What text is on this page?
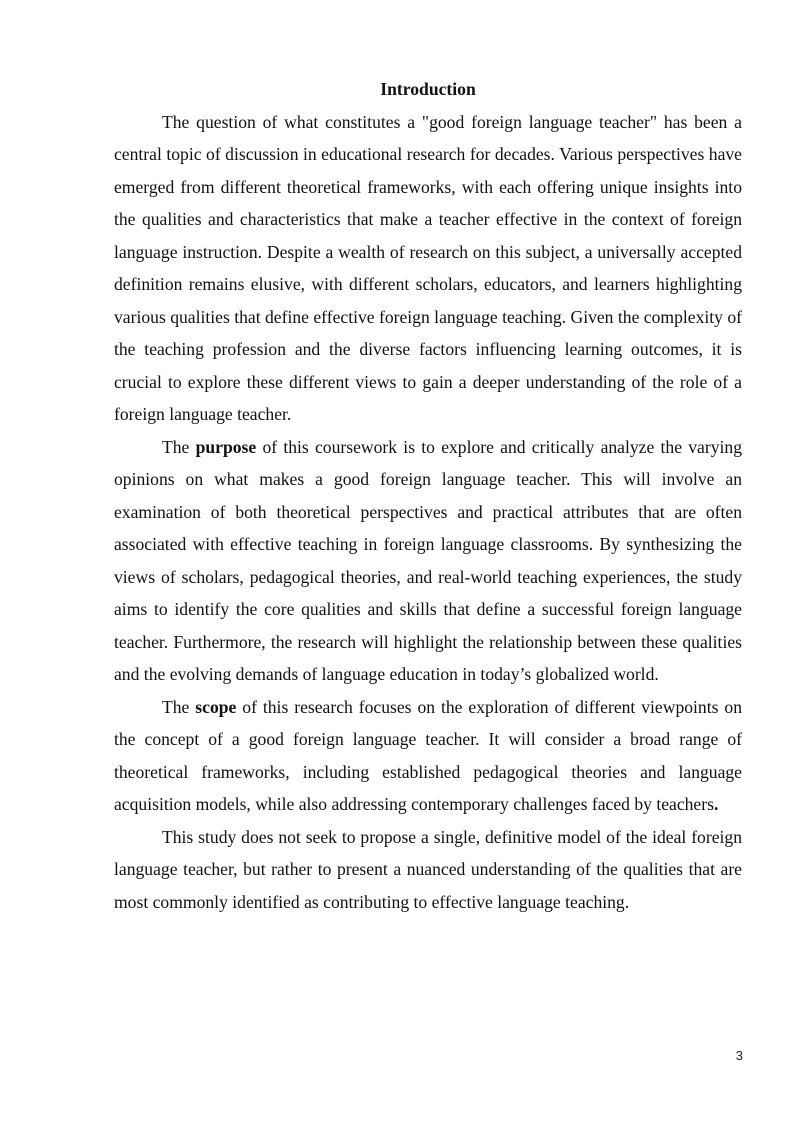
Introduction

The question of what constitutes a "good foreign language teacher" has been a central topic of discussion in educational research for decades. Various perspectives have emerged from different theoretical frameworks, with each offering unique insights into the qualities and characteristics that make a teacher effective in the context of foreign language instruction. Despite a wealth of research on this subject, a universally accepted definition remains elusive, with different scholars, educators, and learners highlighting various qualities that define effective foreign language teaching. Given the complexity of the teaching profession and the diverse factors influencing learning outcomes, it is crucial to explore these different views to gain a deeper understanding of the role of a foreign language teacher.

The purpose of this coursework is to explore and critically analyze the varying opinions on what makes a good foreign language teacher. This will involve an examination of both theoretical perspectives and practical attributes that are often associated with effective teaching in foreign language classrooms. By synthesizing the views of scholars, pedagogical theories, and real-world teaching experiences, the study aims to identify the core qualities and skills that define a successful foreign language teacher. Furthermore, the research will highlight the relationship between these qualities and the evolving demands of language education in today’s globalized world.

The scope of this research focuses on the exploration of different viewpoints on the concept of a good foreign language teacher. It will consider a broad range of theoretical frameworks, including established pedagogical theories and language acquisition models, while also addressing contemporary challenges faced by teachers.

This study does not seek to propose a single, definitive model of the ideal foreign language teacher, but rather to present a nuanced understanding of the qualities that are most commonly identified as contributing to effective language teaching.

3
